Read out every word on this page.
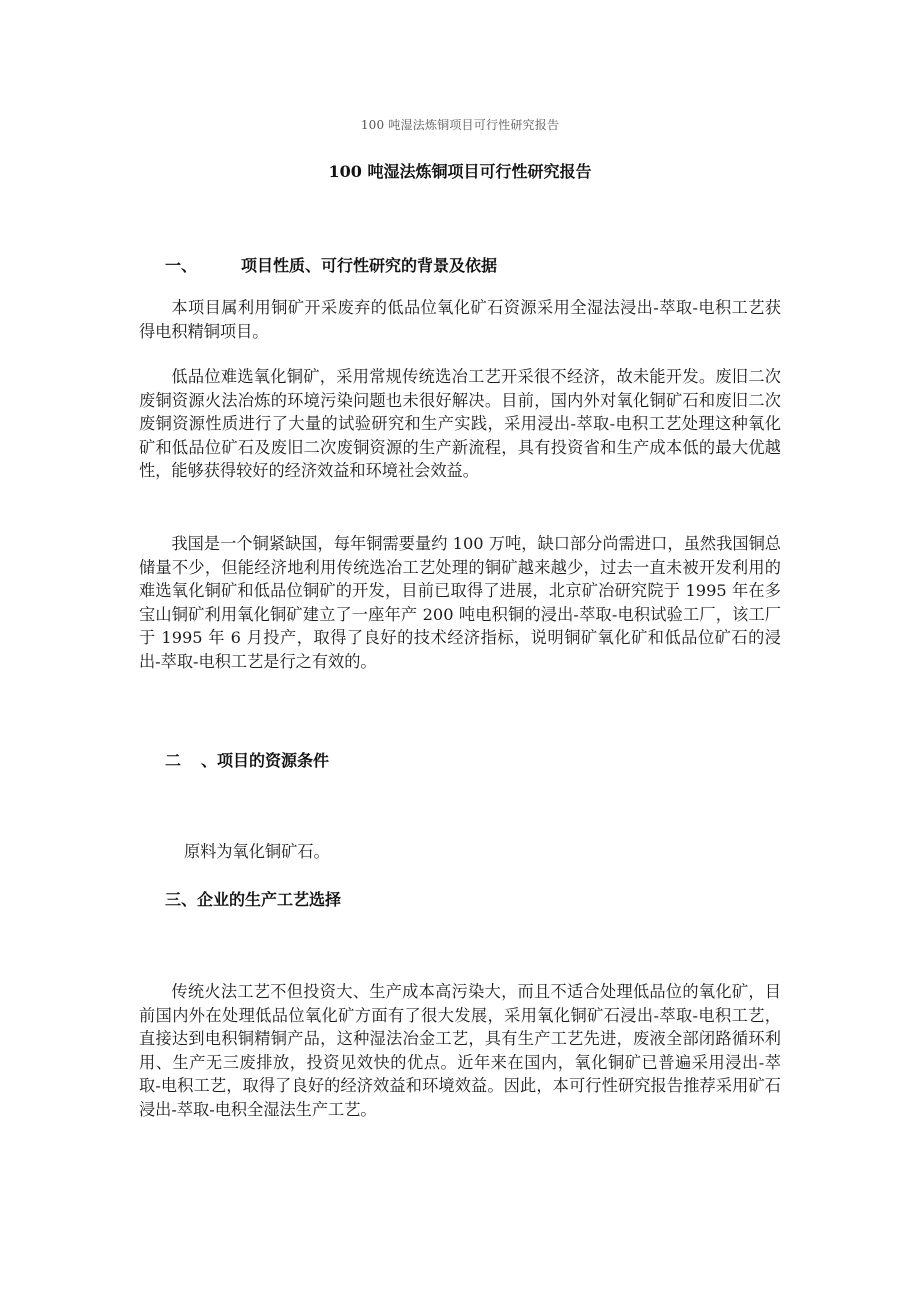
100 吨湿法炼铜项目可行性研究报告
100 吨湿法炼铜项目可行性研究报告
一、	项目性质、可行性研究的背景及依据
本项目属利用铜矿开采废弃的低品位氧化矿石资源采用全湿法浸出-萃取-电积工艺获得电积精铜项目。
低品位难选氧化铜矿，采用常规传统选冶工艺开采很不经济，故未能开发。废旧二次废铜资源火法冶炼的环境污染问题也未很好解决。目前，国内外对氧化铜矿石和废旧二次废铜资源性质进行了大量的试验研究和生产实践，采用浸出-萃取-电积工艺处理这种氧化矿和低品位矿石及废旧二次废铜资源的生产新流程，具有投资省和生产成本低的最大优越性，能够获得较好的经济效益和环境社会效益。
我国是一个铜紧缺国，每年铜需要量约 100 万吨，缺口部分尚需进口，虽然我国铜总储量不少，但能经济地利用传统选冶工艺处理的铜矿越来越少，过去一直未被开发利用的难选氧化铜矿和低品位铜矿的开发，目前已取得了进展，北京矿冶研究院于 1995 年在多宝山铜矿利用氧化铜矿建立了一座年产 200 吨电积铜的浸出-萃取-电积试验工厂，该工厂于 1995 年 6 月投产，取得了良好的技术经济指标，说明铜矿氧化矿和低品位矿石的浸出-萃取-电积工艺是行之有效的。
二 、项目的资源条件
原料为氧化铜矿石。
三、企业的生产工艺选择
传统火法工艺不但投资大、生产成本高污染大，而且不适合处理低品位的氧化矿，目前国内外在处理低品位氧化矿方面有了很大发展，采用氧化铜矿石浸出-萃取-电积工艺，直接达到电积铜精铜产品，这种湿法冶金工艺，具有生产工艺先进，废液全部闭路循环利用、生产无三废排放，投资见效快的优点。近年来在国内，氧化铜矿已普遍采用浸出-萃取-电积工艺，取得了良好的经济效益和环境效益。因此，本可行性研究报告推荐采用矿石浸出-萃取-电积全湿法生产工艺。
